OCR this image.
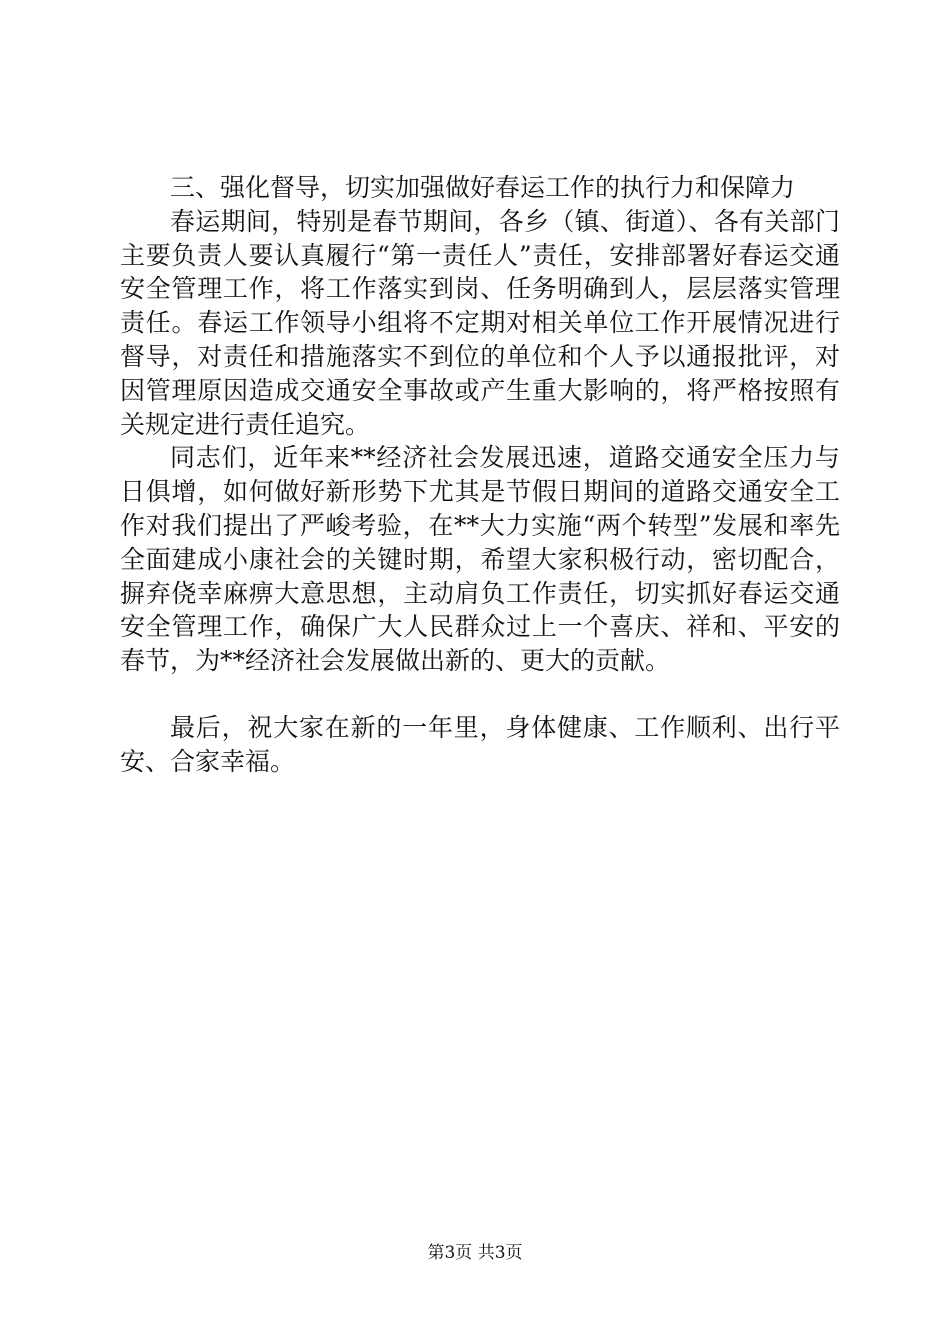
三、强化督导，切实加强做好春运工作的执行力和保障力

春运期间，特别是春节期间，各乡（镇、街道）、各有关部门主要负责人要认真履行“第一责任人”责任，安排部署好春运交通安全管理工作，将工作落实到岗、任务明确到人，层层落实管理责任。春运工作领导小组将不定期对相关单位工作开展情况进行督导，对责任和措施落实不到位的单位和个人予以通报批评，对因管理原因造成交通安全事故或产生重大影响的，将严格按照有关规定进行责任追究。

同志们，近年来**经济社会发展迅速，道路交通安全压力与日俱增，如何做好新形势下尤其是节假日期间的道路交通安全工作对我们提出了严峻考验，在**大力实施“两个转型”发展和率先全面建成小康社会的关键时期，希望大家积极行动，密切配合，摒弃侥幸麻痹大意思想，主动肩负工作责任，切实抓好春运交通安全管理工作，确保广大人民群众过上一个喜庆、祥和、平安的春节，为**经济社会发展做出新的、更大的贡献。

最后，祝大家在新的一年里，身体健康、工作顺利、出行平安、合家幸福。

第3页 共3页
